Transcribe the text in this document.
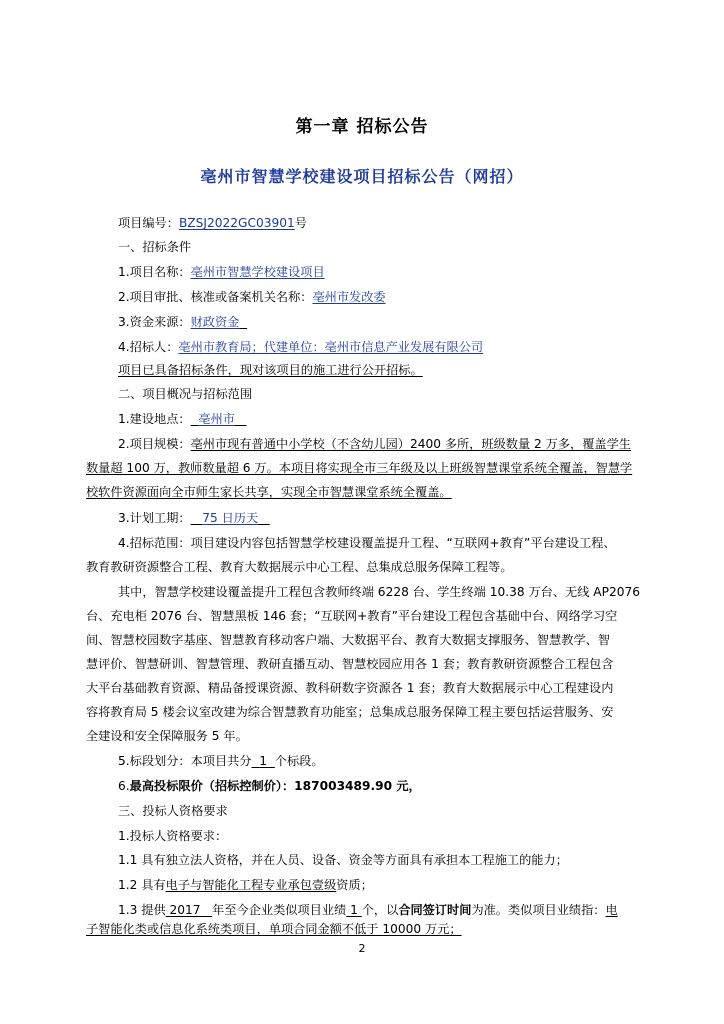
第一章 招标公告
亳州市智慧学校建设项目招标公告（网招）
项目编号：BZSJ2022GC03901号
一、招标条件
1.项目名称：亳州市智慧学校建设项目
2.项目审批、核准或备案机关名称：亳州市发改委
3.资金来源：财政资金
4.招标人：亳州市教育局；代建单位：亳州市信息产业发展有限公司
项目已具备招标条件，现对该项目的施工进行公开招标。
二、项目概况与招标范围
1.建设地点： 亳州市
2.项目规模：亳州市现有普通中小学校（不含幼儿园）2400 多所，班级数量 2 万多，覆盖学生
数量超 100 万，教师数量超 6 万。本项目将实现全市三年级及以上班级智慧课堂系统全覆盖，智慧学
校软件资源面向全市师生家长共享，实现全市智慧课堂系统全覆盖。
3.计划工期： 75 日历天
4.招标范围：项目建设内容包括智慧学校建设覆盖提升工程、“互联网+教育”平台建设工程、
教育教研资源整合工程、教育大数据展示中心工程、总集成总服务保障工程等。
其中，智慧学校建设覆盖提升工程包含教师终端 6228 台、学生终端 10.38 万台、无线 AP2076
台、充电柜 2076 台、智慧黑板 146 套；“互联网+教育”平台建设工程包含基础中台、网络学习空
间、智慧校园数字基座、智慧教育移动客户端、大数据平台、教育大数据支撑服务、智慧教学、智
慧评价、智慧研训、智慧管理、教研直播互动、智慧校园应用各 1 套；教育教研资源整合工程包含
大平台基础教育资源、精品备授课资源、教科研数字资源各 1 套；教育大数据展示中心工程建设内
容将教育局 5 楼会议室改建为综合智慧教育功能室；总集成总服务保障工程主要包括运营服务、安
全建设和安全保障服务 5 年。
5.标段划分：本项目共分 1 个标段。
6.最高投标限价（招标控制价）：187003489.90 元，
三、投标人资格要求
1.投标人资格要求：
1.1 具有独立法人资格，并在人员、设备、资金等方面具有承担本工程施工的能力；
1.2 具有电子与智能化工程专业承包壹级资质；
1.3 提供 2017 年至今企业类似项目业绩 1 个，以合同签订时间为准。类似项目业绩指：电
子智能化类或信息化系统类项目，单项合同金额不低于 10000 万元；
2
